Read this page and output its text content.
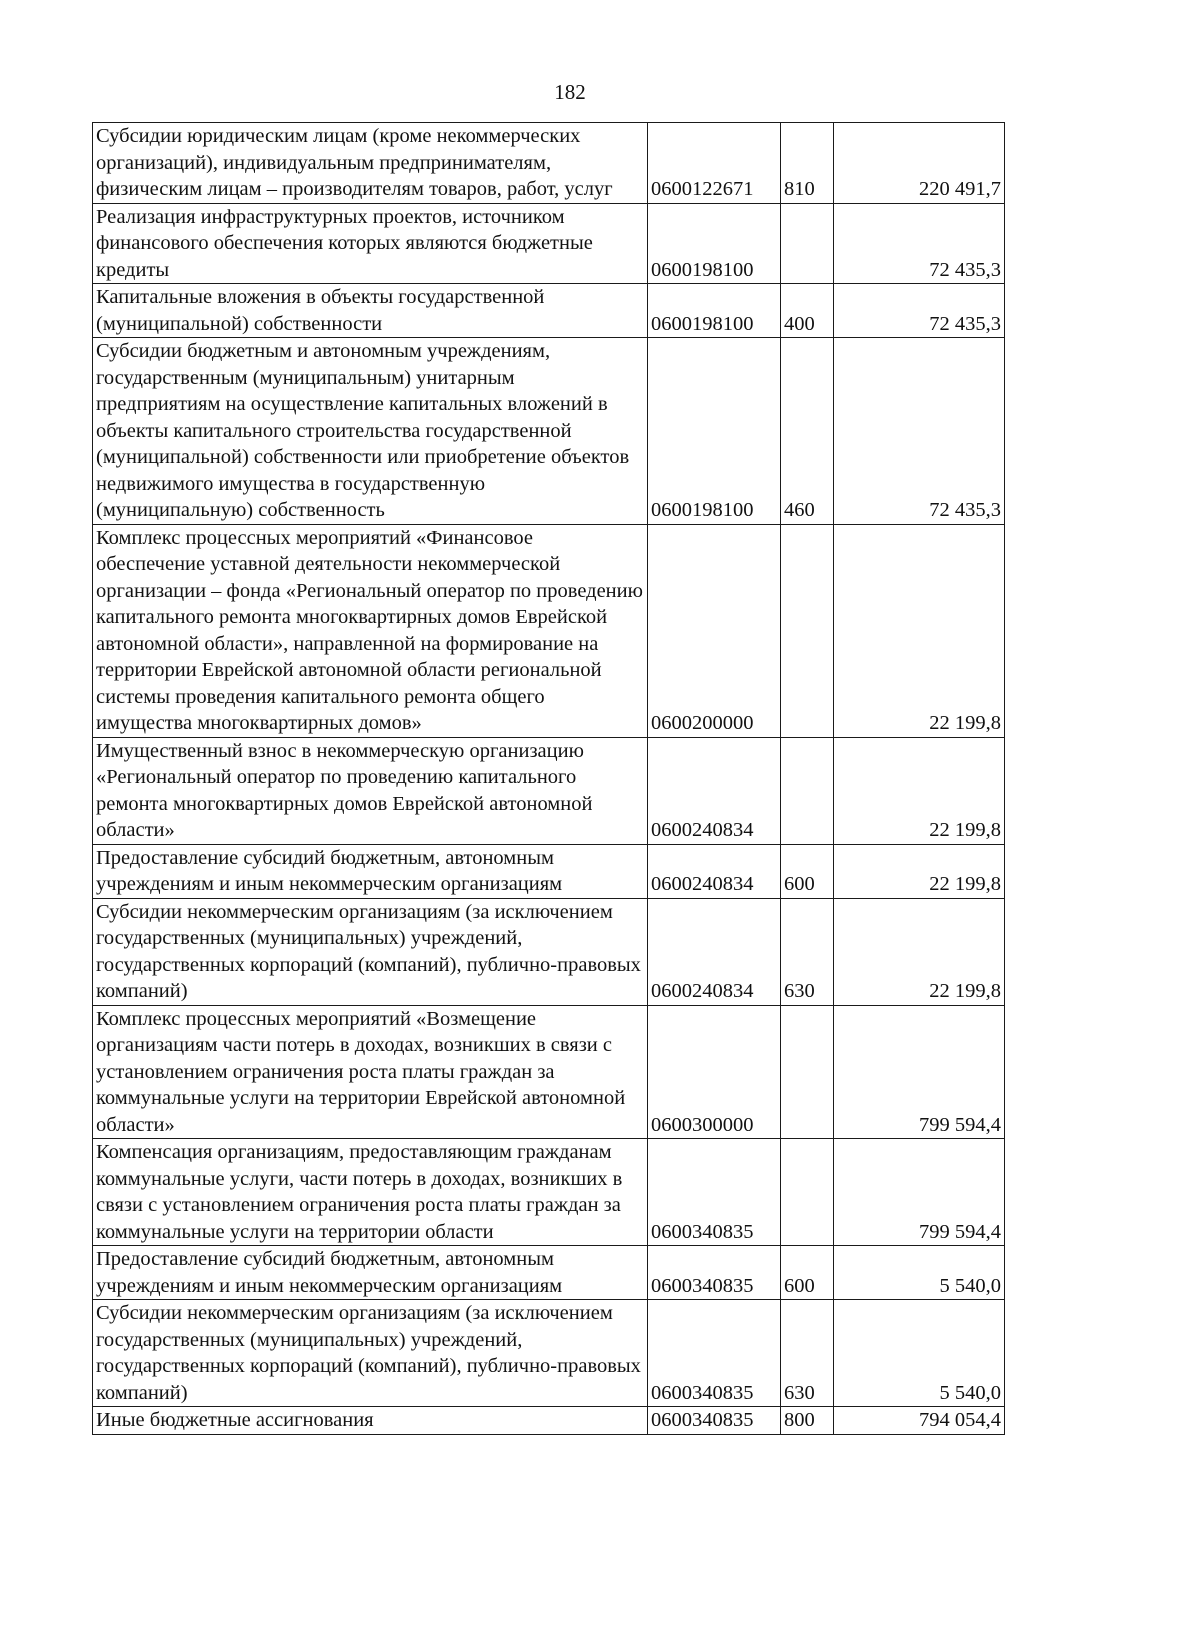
182
Субсидии юридическим лицам (кроме некоммерческих организаций), индивидуальным предпринимателям, физическим лицам – производителям товаров, работ, услуг	0600122671	810	220 491,7

Реализация инфраструктурных проектов, источником финансового обеспечения которых являются бюджетные кредиты	0600198100		72 435,3

Капитальные вложения в объекты государственной (муниципальной) собственности	0600198100	400	72 435,3

Субсидии бюджетным и автономным учреждениям, государственным (муниципальным) унитарным предприятиям на осуществление капитальных вложений в объекты капитального строительства государственной (муниципальной) собственности или приобретение объектов недвижимого имущества в государственную (муниципальную) собственность	0600198100	460	72 435,3

Комплекс процессных мероприятий «Финансовое обеспечение уставной деятельности некоммерческой организации – фонда «Региональный оператор по проведению капитального ремонта многоквартирных домов Еврейской автономной области», направленной на формирование на территории Еврейской автономной области региональной системы проведения капитального ремонта общего имущества многоквартирных домов»	0600200000		22 199,8

Имущественный взнос в некоммерческую организацию «Региональный оператор по проведению капитального ремонта многоквартирных домов Еврейской автономной области»	0600240834		22 199,8

Предоставление субсидий бюджетным, автономным учреждениям и иным некоммерческим организациям	0600240834	600	22 199,8

Субсидии некоммерческим организациям (за исключением государственных (муниципальных) учреждений, государственных корпораций (компаний), публично-правовых компаний)	0600240834	630	22 199,8

Комплекс процессных мероприятий «Возмещение организациям части потерь в доходах, возникших в связи с установлением ограничения роста платы граждан за коммунальные услуги на территории Еврейской автономной области»	0600300000		799 594,4

Компенсация организациям, предоставляющим гражданам коммунальные услуги, части потерь в доходах, возникших в связи с установлением ограничения роста платы граждан за коммунальные услуги на территории области	0600340835		799 594,4

Предоставление субсидий бюджетным, автономным учреждениям и иным некоммерческим организациям	0600340835	600	5 540,0

Субсидии некоммерческим организациям (за исключением государственных (муниципальных) учреждений, государственных корпораций (компаний), публично-правовых компаний)	0600340835	630	5 540,0

Иные бюджетные ассигнования	0600340835	800	794 054,4
